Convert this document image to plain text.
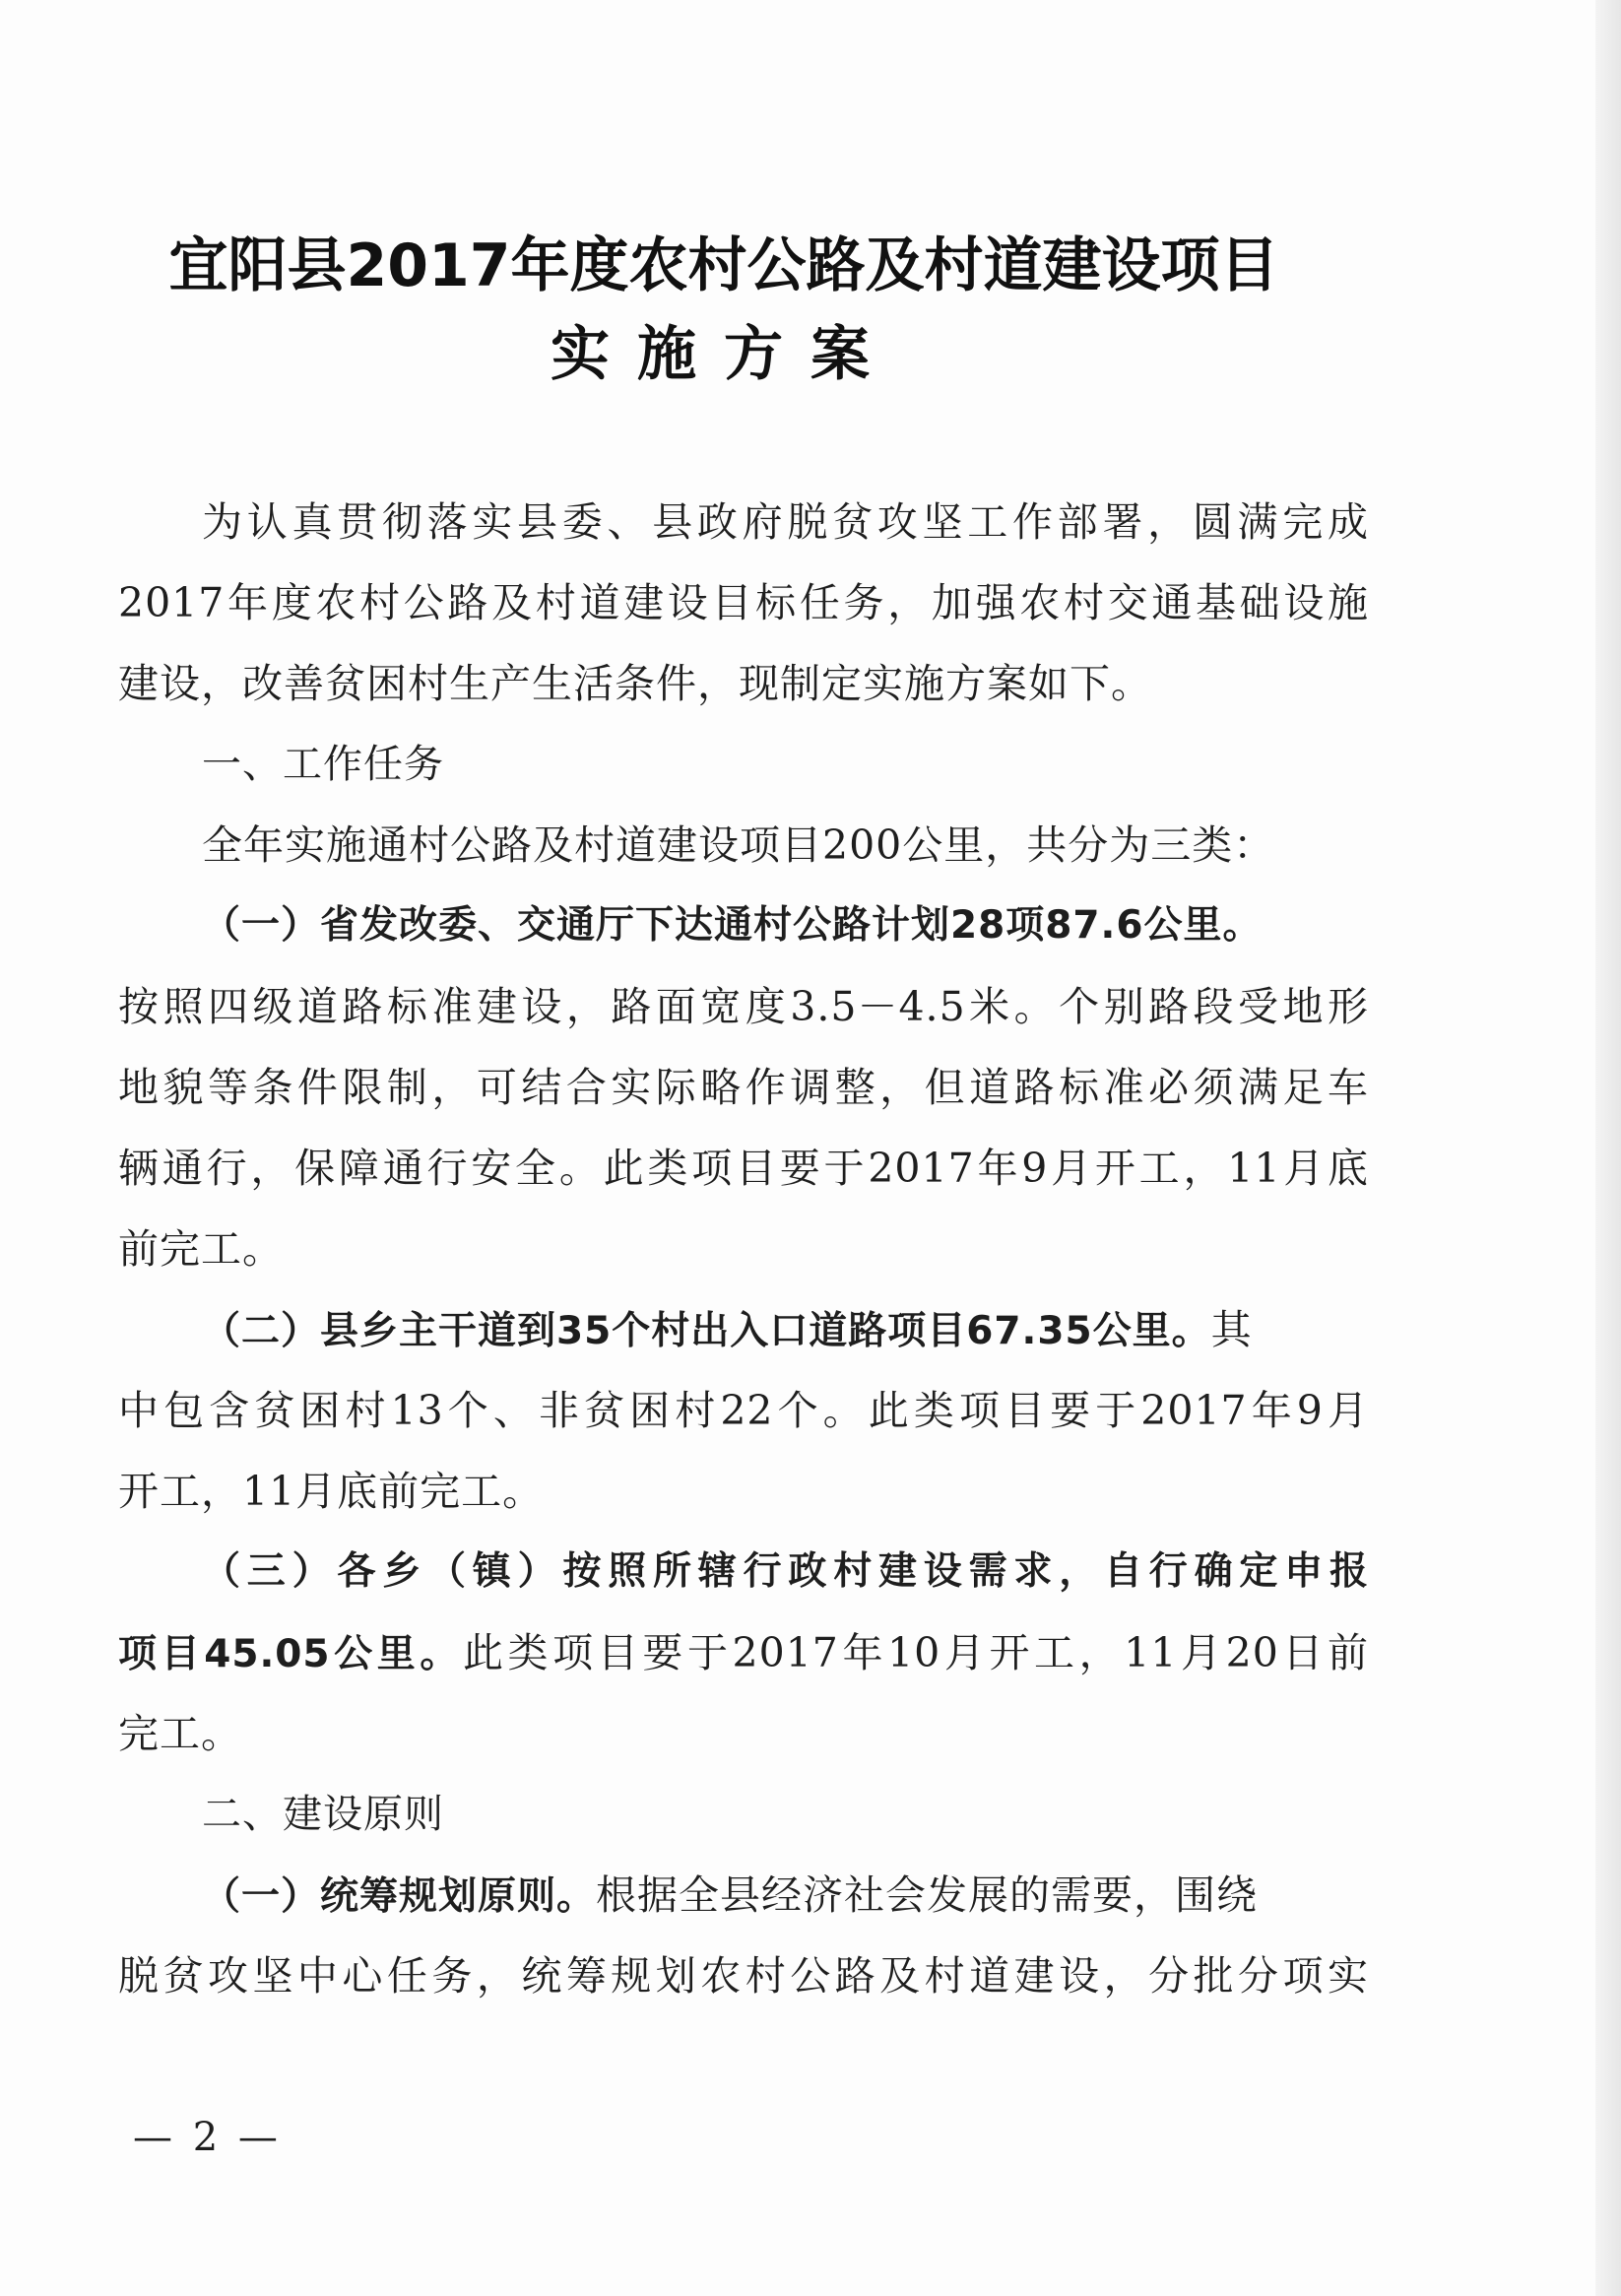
宜阳县2017年度农村公路及村道建设项目
实施方案

为认真贯彻落实县委、县政府脱贫攻坚工作部署，圆满完成

2017年度农村公路及村道建设目标任务，加强农村交通基础设施

建设，改善贫困村生产生活条件，现制定实施方案如下。

一、工作任务

全年实施通村公路及村道建设项目200公里，共分为三类：

（一）省发改委、交通厅下达通村公路计划28项87.6公里。

按照四级道路标准建设，路面宽度3.5－4.5米。个别路段受地形

地貌等条件限制，可结合实际略作调整，但道路标准必须满足车

辆通行，保障通行安全。此类项目要于2017年9月开工，11月底

前完工。

（二）县乡主干道到35个村出入口道路项目67.35公里。其

中包含贫困村13个、非贫困村22个。此类项目要于2017年9月

开工，11月底前完工。

（三）各乡（镇）按照所辖行政村建设需求，自行确定申报

项目45.05公里。此类项目要于2017年10月开工，11月20日前

完工。

二、建设原则

（一）统筹规划原则。根据全县经济社会发展的需要，围绕

脱贫攻坚中心任务，统筹规划农村公路及村道建设，分批分项实

— 2 —
